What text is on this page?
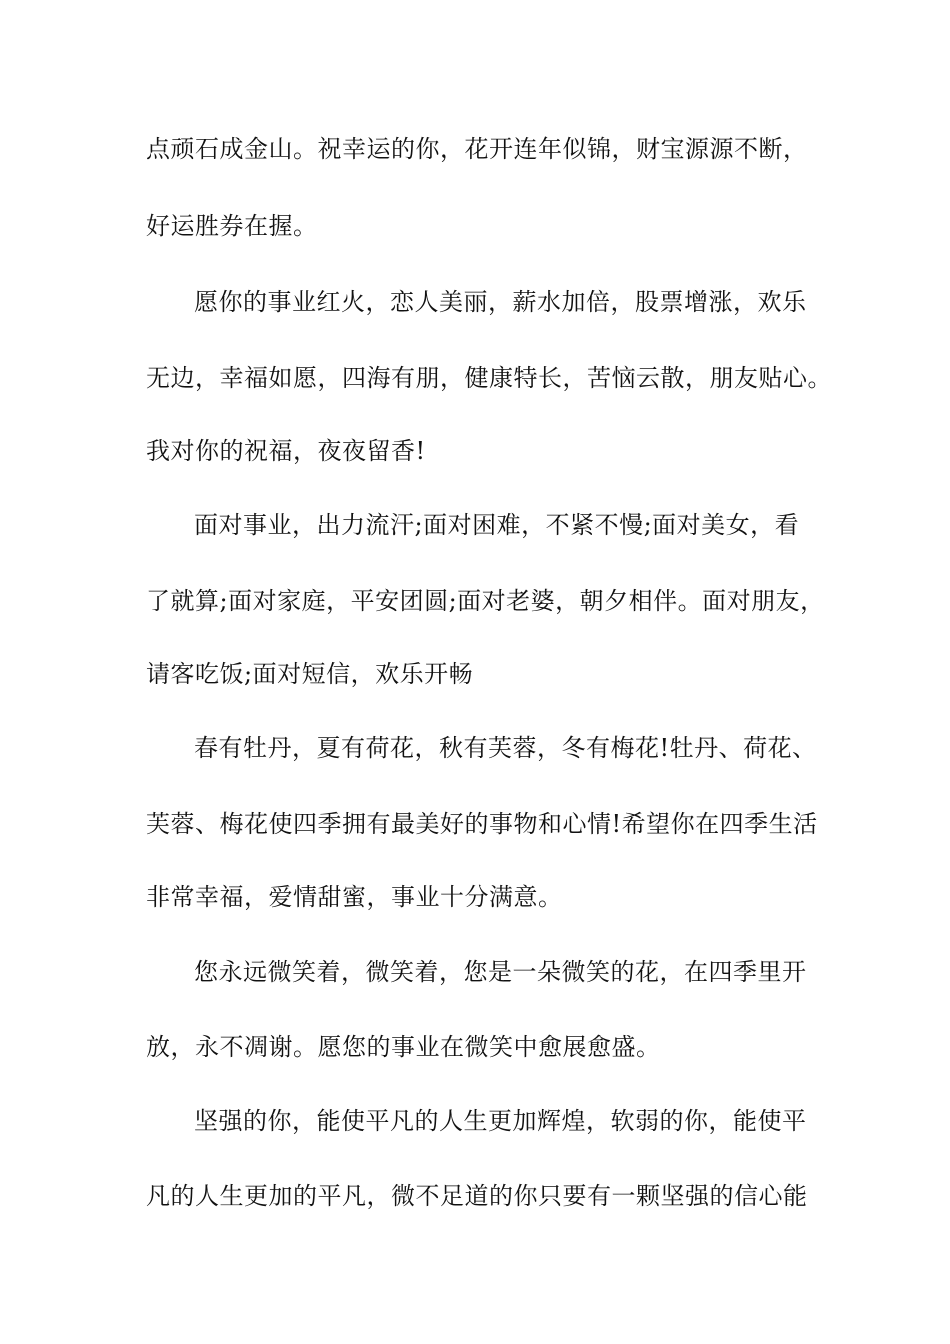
点顽石成金山。祝幸运的你，花开连年似锦，财宝源源不断，
好运胜券在握。
愿你的事业红火，恋人美丽，薪水加倍，股票增涨，欢乐
无边，幸福如愿，四海有朋，健康特长，苦恼云散，朋友贴心。
我对你的祝福，夜夜留香!
面对事业，出力流汗;面对困难，不紧不慢;面对美女，看
了就算;面对家庭，平安团圆;面对老婆，朝夕相伴。面对朋友，
请客吃饭;面对短信，欢乐开畅
春有牡丹，夏有荷花，秋有芙蓉，冬有梅花!牡丹、荷花、
芙蓉、梅花使四季拥有最美好的事物和心情!希望你在四季生活
非常幸福，爱情甜蜜，事业十分满意。
您永远微笑着，微笑着，您是一朵微笑的花，在四季里开
放，永不凋谢。愿您的事业在微笑中愈展愈盛。
坚强的你，能使平凡的人生更加辉煌，软弱的你，能使平
凡的人生更加的平凡，微不足道的你只要有一颗坚强的信心能
